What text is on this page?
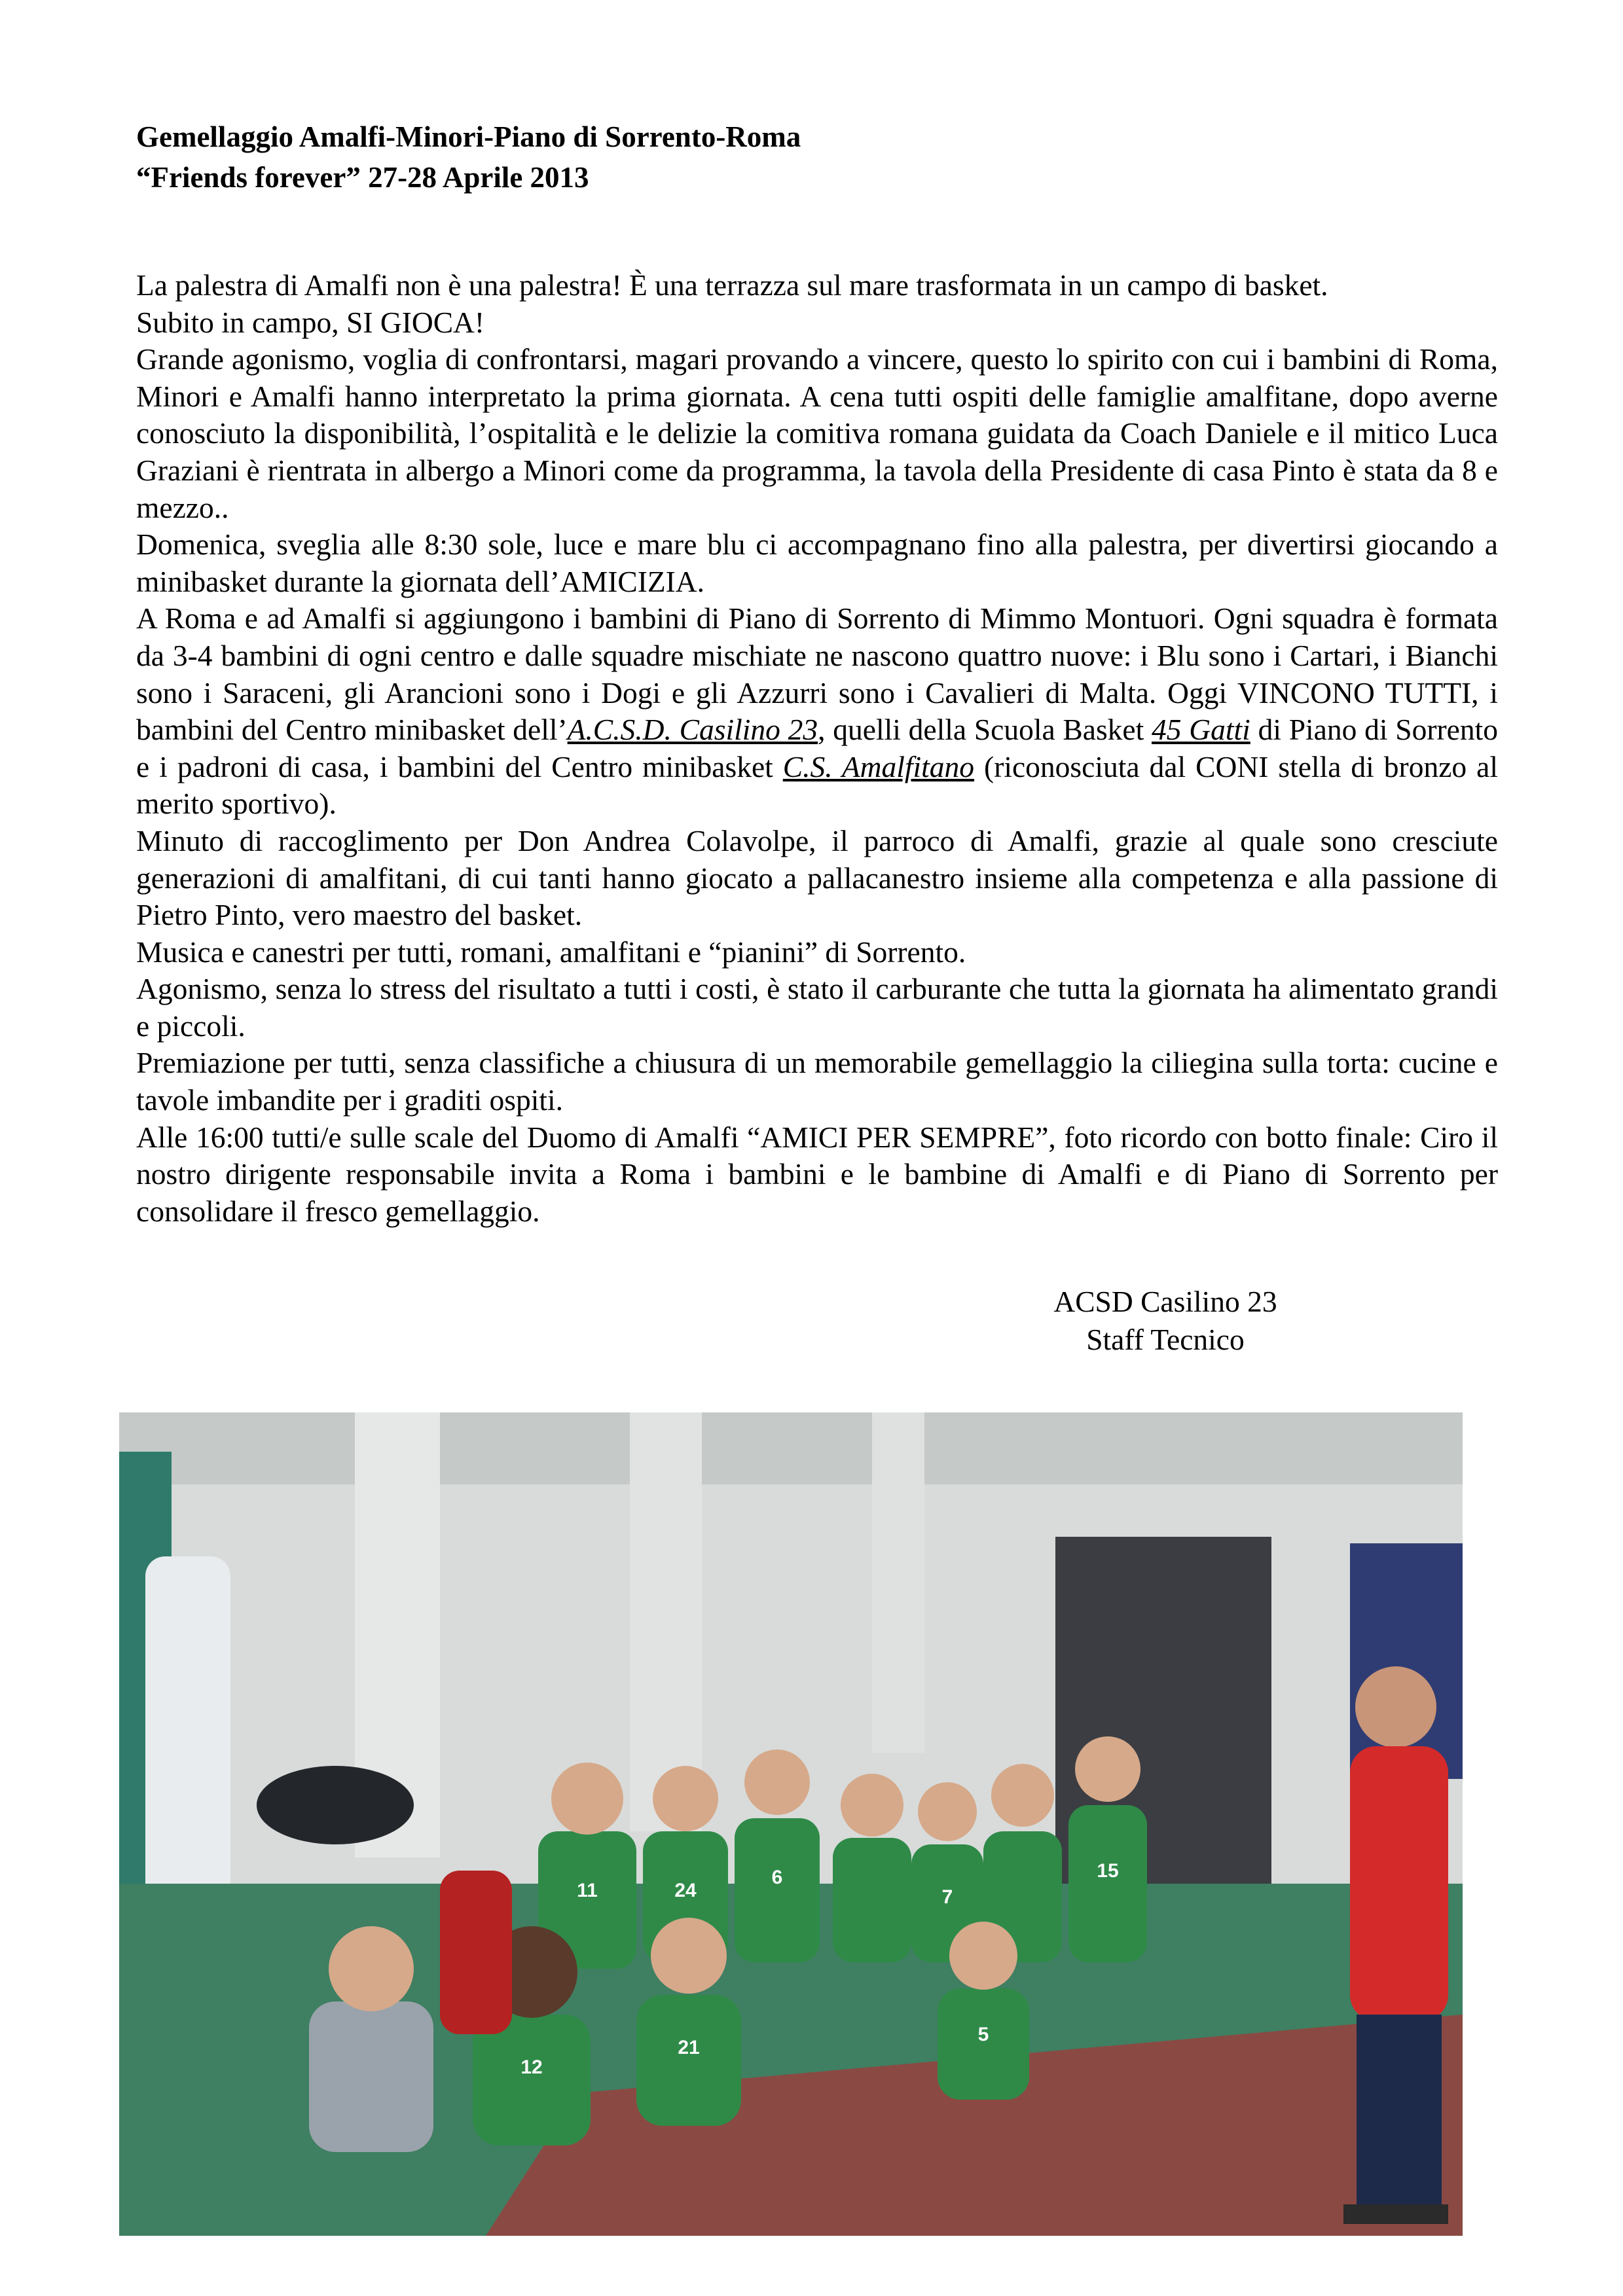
Gemellaggio Amalfi-Minori-Piano di Sorrento-Roma
“Friends forever” 27-28 Aprile 2013

La palestra di Amalfi non è una palestra! È una terrazza sul mare trasformata in un campo di basket.

Subito in campo, SI GIOCA!

Grande agonismo, voglia di confrontarsi, magari provando a vincere, questo lo spirito con cui i bambini di Roma, Minori e Amalfi hanno interpretato la prima giornata. A cena tutti ospiti delle famiglie amalfitane, dopo averne conosciuto la disponibilità, l’ospitalità e le delizie la comitiva romana guidata da Coach Daniele e il mitico Luca Graziani è rientrata in albergo a Minori come da programma, la tavola della Presidente di casa Pinto è stata da 8 e mezzo..

Domenica, sveglia alle 8:30 sole, luce e mare blu ci accompagnano fino alla palestra, per divertirsi giocando a minibasket durante la giornata dell’AMICIZIA.

A Roma e ad Amalfi si aggiungono i bambini di Piano di Sorrento di Mimmo Montuori. Ogni squadra è formata da 3-4 bambini di ogni centro e dalle squadre mischiate ne nascono quattro nuove: i Blu sono i Cartari, i Bianchi sono i Saraceni, gli Arancioni sono i Dogi e gli Azzurri sono i Cavalieri di Malta. Oggi VINCONO TUTTI, i bambini del Centro minibasket dell’A.C.S.D. Casilino 23, quelli della Scuola Basket 45 Gatti di Piano di Sorrento e i padroni di casa, i bambini del Centro minibasket C.S. Amalfitano (riconosciuta dal CONI stella di bronzo al merito sportivo).

Minuto di raccoglimento per Don Andrea Colavolpe, il parroco di Amalfi, grazie al quale sono cresciute generazioni di amalfitani, di cui tanti hanno giocato a pallacanestro insieme alla competenza e alla passione di Pietro Pinto, vero maestro del basket.

Musica e canestri per tutti, romani, amalfitani e “pianini” di Sorrento.

Agonismo, senza lo stress del risultato a tutti i costi, è stato il carburante che tutta la giornata ha alimentato grandi e piccoli.

Premiazione per tutti, senza classifiche a chiusura di un memorabile gemellaggio la ciliegina sulla torta: cucine e tavole imbandite per i graditi ospiti.

Alle 16:00 tutti/e sulle scale del Duomo di Amalfi “AMICI PER SEMPRE”, foto ricordo con botto finale: Ciro il nostro dirigente responsabile invita a Roma i bambini e le bambine di Amalfi e di Piano di Sorrento per consolidare il fresco gemellaggio.

ACSD Casilino 23
Staff Tecnico
11	24
6
7
15
12
21
5
